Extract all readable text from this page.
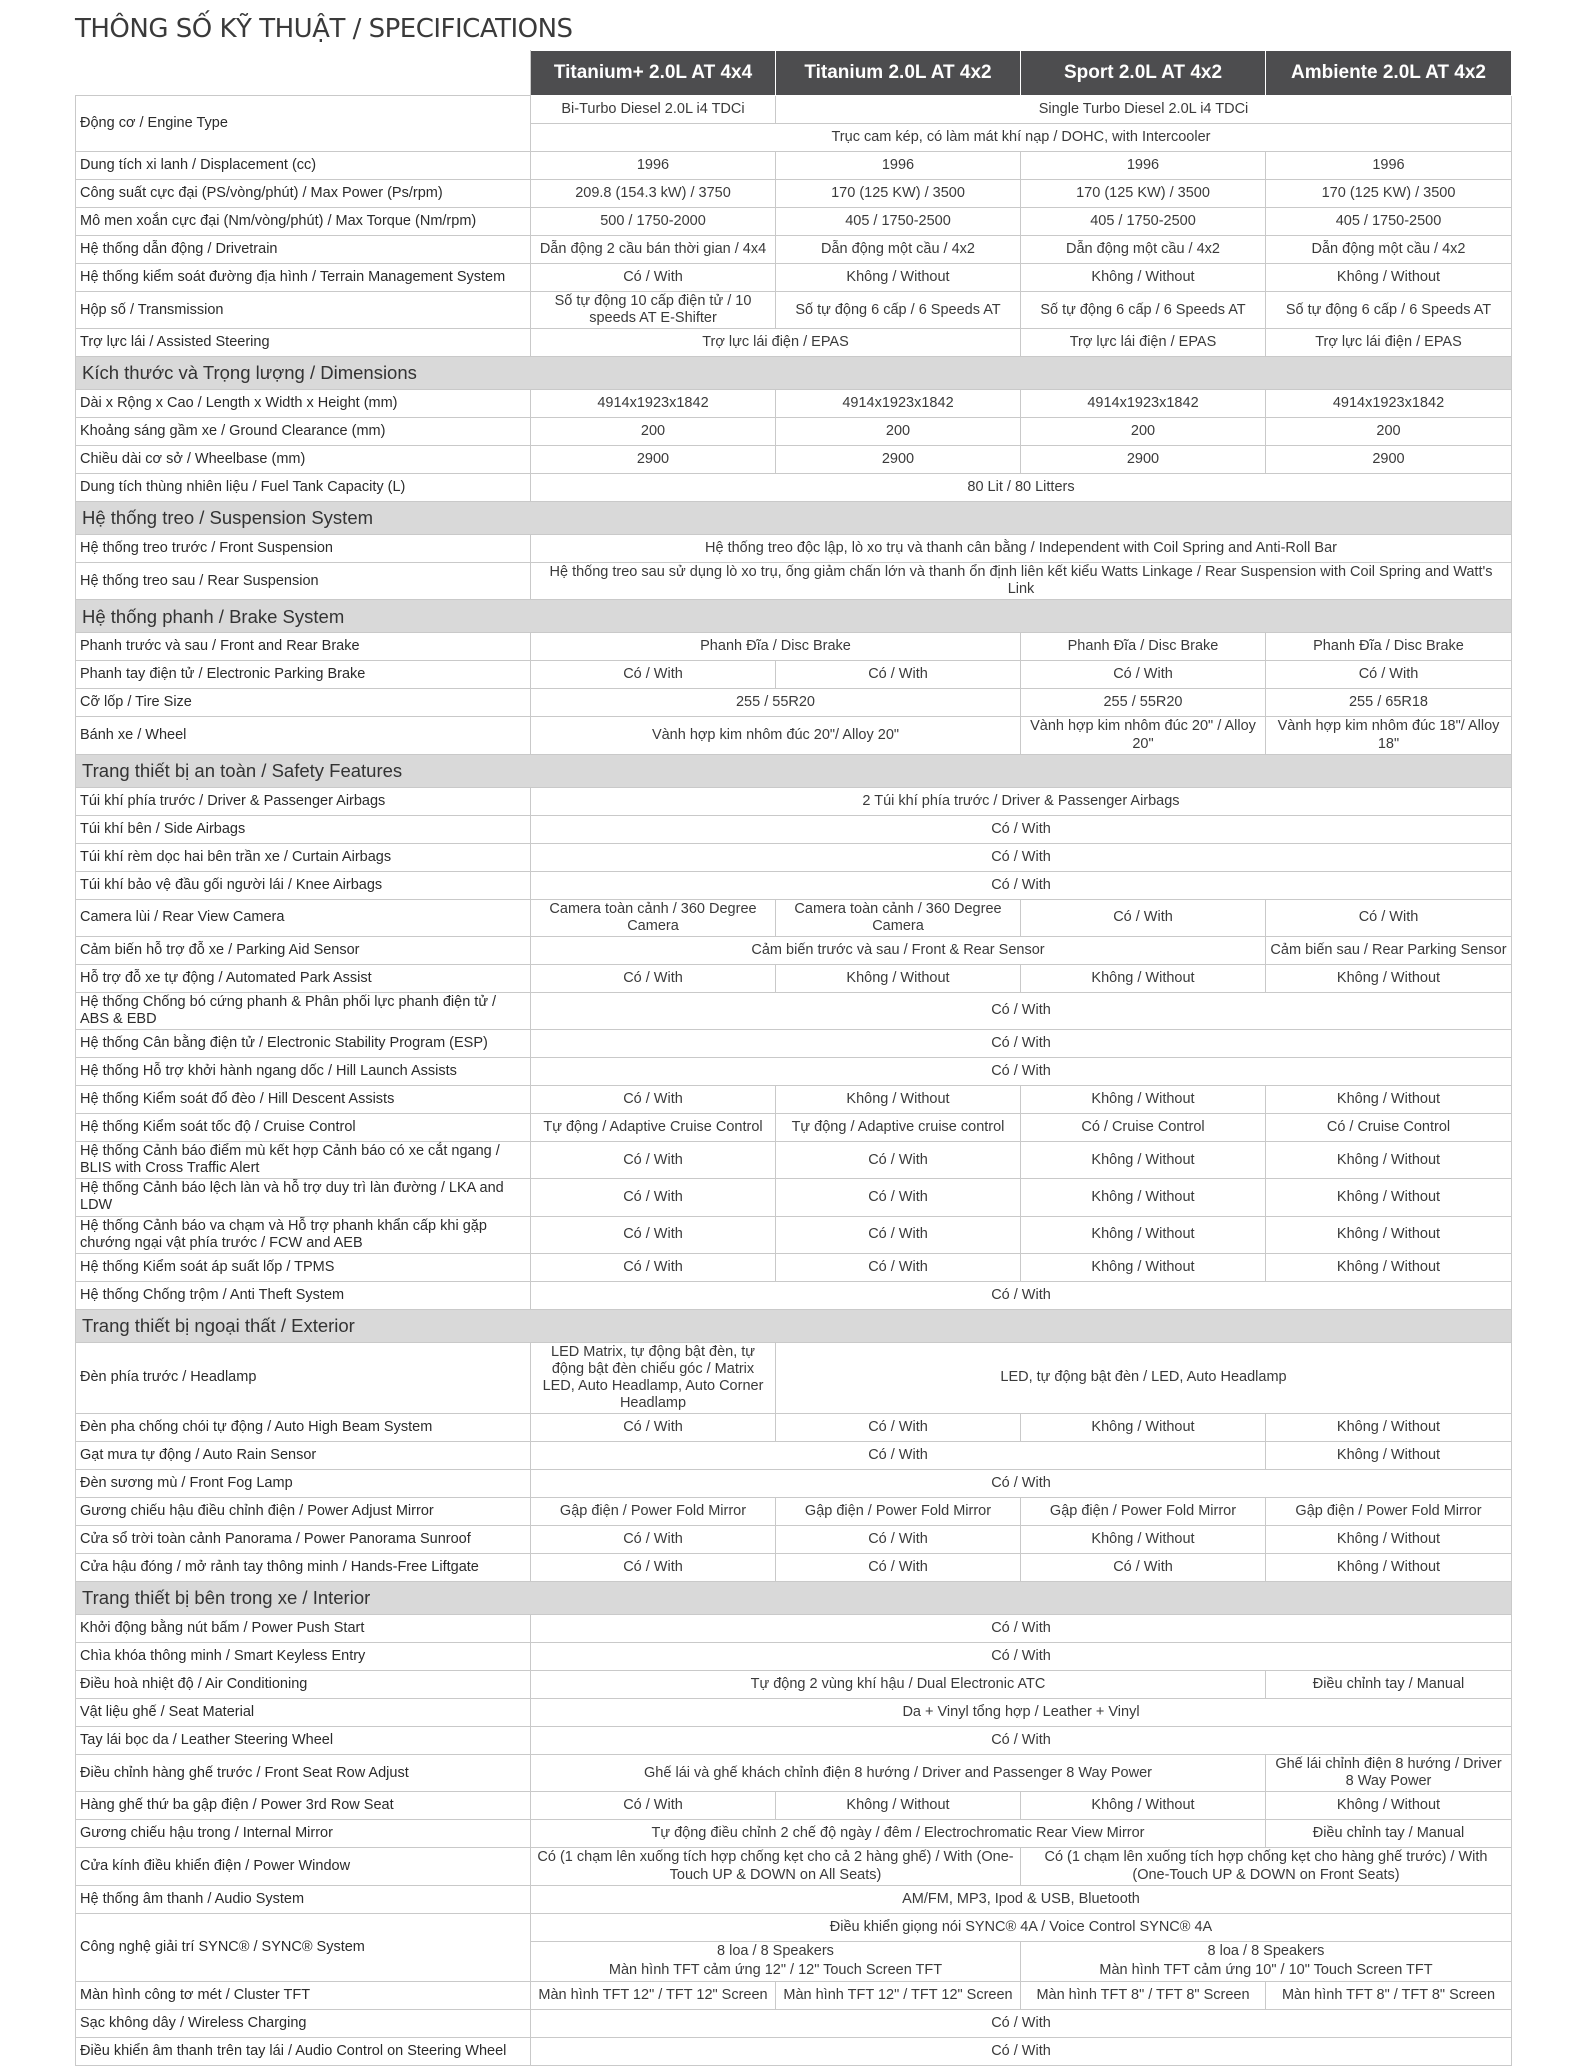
THÔNG SỐ KỸ THUẬT / SPECIFICATIONS
	Titanium+ 2.0L AT 4x4	Titanium 2.0L AT 4x2	Sport 2.0L AT 4x2	Ambiente 2.0L AT 4x2
Động cơ / Engine Type	Bi-Turbo Diesel 2.0L i4 TDCi	Single Turbo Diesel 2.0L i4 TDCi		
	Trục cam kép, có làm mát khí nạp / DOHC, with Intercooler			
Dung tích xi lanh / Displacement (cc)	1996	1996	1996	1996
Công suất cực đại (PS/vòng/phút) / Max Power (Ps/rpm)	209.8 (154.3 kW) / 3750	170 (125 KW) / 3500	170 (125 KW) / 3500	170 (125 KW) / 3500
Mô men xoắn cực đại (Nm/vòng/phút) / Max Torque (Nm/rpm)	500 / 1750-2000	405 / 1750-2500	405 / 1750-2500	405 / 1750-2500
Hệ thống dẫn động / Drivetrain	Dẫn động 2 cầu bán thời gian / 4x4	Dẫn động một cầu / 4x2	Dẫn động một cầu / 4x2	Dẫn động một cầu / 4x2
Hệ thống kiểm soát đường địa hình / Terrain Management System	Có / With	Không / Without	Không / Without	Không / Without
Hộp số / Transmission	Số tự động 10 cấp điện tử / 10 speeds AT E-Shifter	Số tự động 6 cấp / 6 Speeds AT	Số tự động 6 cấp / 6 Speeds AT	Số tự động 6 cấp / 6 Speeds AT
Trợ lực lái / Assisted Steering	Trợ lực lái điện / EPAS		Trợ lực lái điện / EPAS	Trợ lực lái điện / EPAS
Kích thước và Trọng lượng / Dimensions				
Dài x Rộng x Cao / Length x Width x Height (mm)	4914x1923x1842	4914x1923x1842	4914x1923x1842	4914x1923x1842
Khoảng sáng gầm xe / Ground Clearance (mm)	200	200	200	200
Chiều dài cơ sở / Wheelbase (mm)	2900	2900	2900	2900
Dung tích thùng nhiên liệu / Fuel Tank Capacity (L)	80 Lit / 80 Litters			
Hệ thống treo / Suspension System				
Hệ thống treo trước / Front Suspension	Hệ thống treo độc lập, lò xo trụ và thanh cân bằng / Independent with Coil Spring and Anti-Roll Bar			
Hệ thống treo sau / Rear Suspension	Hệ thống treo sau sử dụng lò xo trụ, ống giảm chấn lớn và thanh ổn định liên kết kiểu Watts Linkage / Rear Suspension with Coil Spring and Watt's Link			
Hệ thống phanh / Brake System				
Phanh trước và sau / Front and Rear Brake	Phanh Đĩa / Disc Brake		Phanh Đĩa / Disc Brake	Phanh Đĩa / Disc Brake
Phanh tay điện tử / Electronic Parking Brake	Có / With	Có / With	Có / With	Có / With
Cỡ lốp / Tire Size	255 / 55R20		255 / 55R20	255 / 65R18
Bánh xe / Wheel	Vành hợp kim nhôm đúc 20"/ Alloy 20"		Vành hợp kim nhôm đúc 20" / Alloy 20"	Vành hợp kim nhôm đúc 18"/ Alloy 18"
Trang thiết bị an toàn / Safety Features				
Túi khí phía trước / Driver & Passenger Airbags	2 Túi khí phía trước / Driver & Passenger Airbags			
Túi khí bên / Side Airbags	Có / With			
Túi khí rèm dọc hai bên trần xe / Curtain Airbags	Có / With			
Túi khí bảo vệ đầu gối người lái / Knee Airbags	Có / With			
Camera lùi / Rear View Camera	Camera toàn cảnh / 360 Degree Camera	Camera toàn cảnh / 360 Degree Camera	Có / With	Có / With
Cảm biến hỗ trợ đỗ xe / Parking Aid Sensor	Cảm biến trước và sau / Front & Rear Sensor			Cảm biến sau / Rear Parking Sensor
Hỗ trợ đỗ xe tự động / Automated Park Assist	Có / With	Không / Without	Không / Without	Không / Without
Hệ thống Chống bó cứng phanh & Phân phối lực phanh điện tử / ABS & EBD	Có / With			
Hệ thống Cân bằng điện tử / Electronic Stability Program (ESP)	Có / With			
Hệ thống Hỗ trợ khởi hành ngang dốc / Hill Launch Assists	Có / With			
Hệ thống Kiểm soát đổ đèo / Hill Descent Assists	Có / With	Không / Without	Không / Without	Không / Without
Hệ thống Kiểm soát tốc độ / Cruise Control	Tự động / Adaptive Cruise Control	Tự động / Adaptive cruise control	Có / Cruise Control	Có / Cruise Control
Hệ thống Cảnh báo điểm mù kết hợp Cảnh báo có xe cắt ngang / BLIS with Cross Traffic Alert	Có / With	Có / With	Không / Without	Không / Without
Hệ thống Cảnh báo lệch làn và hỗ trợ duy trì làn đường / LKA and LDW	Có / With	Có / With	Không / Without	Không / Without
Hệ thống Cảnh báo va chạm và Hỗ trợ phanh khẩn cấp khi gặp chướng ngại vật phía trước / FCW and AEB	Có / With	Có / With	Không / Without	Không / Without
Hệ thống Kiểm soát áp suất lốp / TPMS	Có / With	Có / With	Không / Without	Không / Without
Hệ thống Chống trộm / Anti Theft System	Có / With			
Trang thiết bị ngoại thất / Exterior				
Đèn phía trước / Headlamp	LED Matrix, tự động bật đèn, tự động bật đèn chiếu góc / Matrix LED, Auto Headlamp, Auto Corner Headlamp	LED, tự động bật đèn / LED, Auto Headlamp		
Đèn pha chống chói tự động / Auto High Beam System	Có / With	Có / With	Không / Without	Không / Without
Gạt mưa tự động / Auto Rain Sensor	Có / With			Không / Without
Đèn sương mù / Front Fog Lamp	Có / With			
Gương chiếu hậu điều chỉnh điện / Power Adjust Mirror	Gập điện / Power Fold Mirror	Gập điện / Power Fold Mirror	Gập điện / Power Fold Mirror	Gập điện / Power Fold Mirror
Cửa sổ trời toàn cảnh Panorama / Power Panorama Sunroof	Có / With	Có / With	Không / Without	Không / Without
Cửa hậu đóng / mở rảnh tay thông minh / Hands-Free Liftgate	Có / With	Có / With	Có / With	Không / Without
Trang thiết bị bên trong xe / Interior				
Khởi động bằng nút bấm / Power Push Start	Có / With			
Chìa khóa thông minh / Smart Keyless Entry	Có / With			
Điều hoà nhiệt độ / Air Conditioning	Tự động 2 vùng khí hậu / Dual Electronic ATC			Điều chỉnh tay / Manual
Vật liệu ghế / Seat Material	Da + Vinyl tổng hợp / Leather + Vinyl			
Tay lái bọc da / Leather Steering Wheel	Có / With			
Điều chỉnh hàng ghế trước / Front Seat Row Adjust	Ghế lái và ghế khách chỉnh điện 8 hướng / Driver and Passenger 8 Way Power			Ghế lái chỉnh điện 8 hướng / Driver 8 Way Power
Hàng ghế thứ ba gập điện / Power 3rd Row Seat	Có / With	Không / Without	Không / Without	Không / Without
Gương chiếu hậu trong / Internal Mirror	Tự động điều chỉnh 2 chế độ ngày / đêm / Electrochromatic Rear View Mirror			Điều chỉnh tay / Manual
Cửa kính điều khiển điện / Power Window	Có (1 chạm lên xuống tích hợp chống kẹt cho cả 2 hàng ghế) / With (One-Touch UP & DOWN on All Seats)		Có (1 chạm lên xuống tích hợp chống kẹt cho hàng ghế trước) / With (One-Touch UP & DOWN on Front Seats)	
Hệ thống âm thanh / Audio System	AM/FM, MP3, Ipod & USB, Bluetooth			
Công nghệ giải trí SYNC® / SYNC® System	Điều khiển giọng nói SYNC® 4A / Voice Control SYNC® 4A			
	8 loa / 8 Speakers		8 loa / 8 Speakers	
	Màn hình TFT cảm ứng 12" / 12" Touch Screen TFT		Màn hình TFT cảm ứng 10" / 10" Touch Screen TFT	
Màn hình công tơ mét / Cluster TFT	Màn hình TFT 12" / TFT 12" Screen	Màn hình TFT 12" / TFT 12" Screen	Màn hình TFT 8" / TFT 8" Screen	Màn hình TFT 8" / TFT 8" Screen
Sạc không dây / Wireless Charging	Có / With			
Điều khiển âm thanh trên tay lái / Audio Control on Steering Wheel	Có / With			
